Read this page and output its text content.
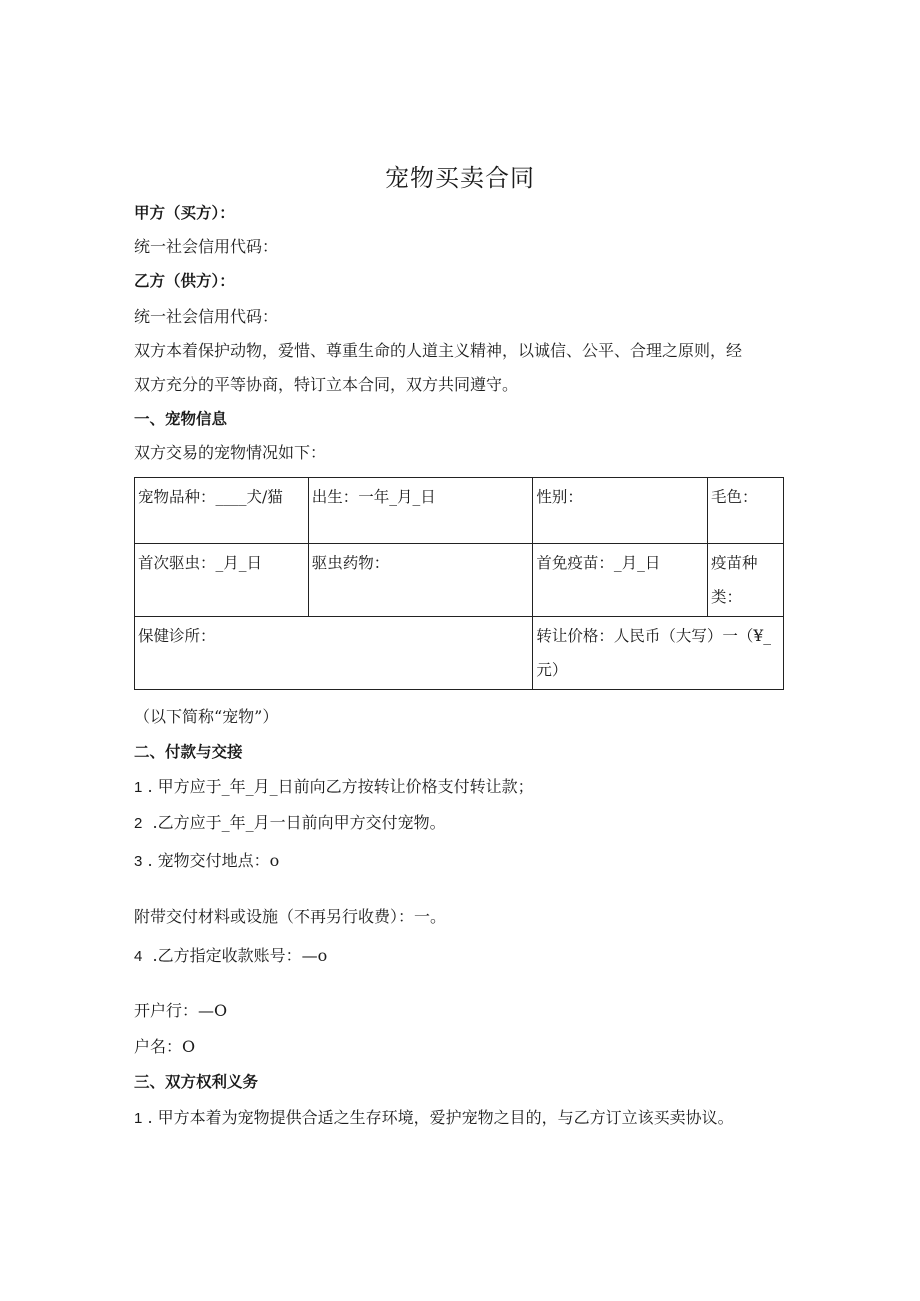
宠物买卖合同
甲方（买方）：
统一社会信用代码：
乙方（供方）：
统一社会信用代码：
双方本着保护动物，爱惜、尊重生命的人道主义精神，以诚信、公平、合理之原则，经
双方充分的平等协商，特订立本合同，双方共同遵守。
一、宠物信息
双方交易的宠物情况如下：
宠物品种：____犬/猫	出生：一年_月_日	性别：	毛色：
首次驱虫：_月_日	驱虫药物：	首免疫苗：_月_日	疫苗种类：
保健诊所：		转让价格：人民币（大写）一（¥_元）	
（以下简称“宠物”）
二、付款与交接
1 . 甲方应于_年_月_日前向乙方按转让价格支付转让款；
2 .乙方应于_年_月一日前向甲方交付宠物。
3 . 宠物交付地点：o
附带交付材料或设施（不再另行收费）：一。
4 .乙方指定收款账号：—o
开户行：—O
户名：O
三、双方权利义务
1 . 甲方本着为宠物提供合适之生存环境，爱护宠物之目的，与乙方订立该买卖协议。
